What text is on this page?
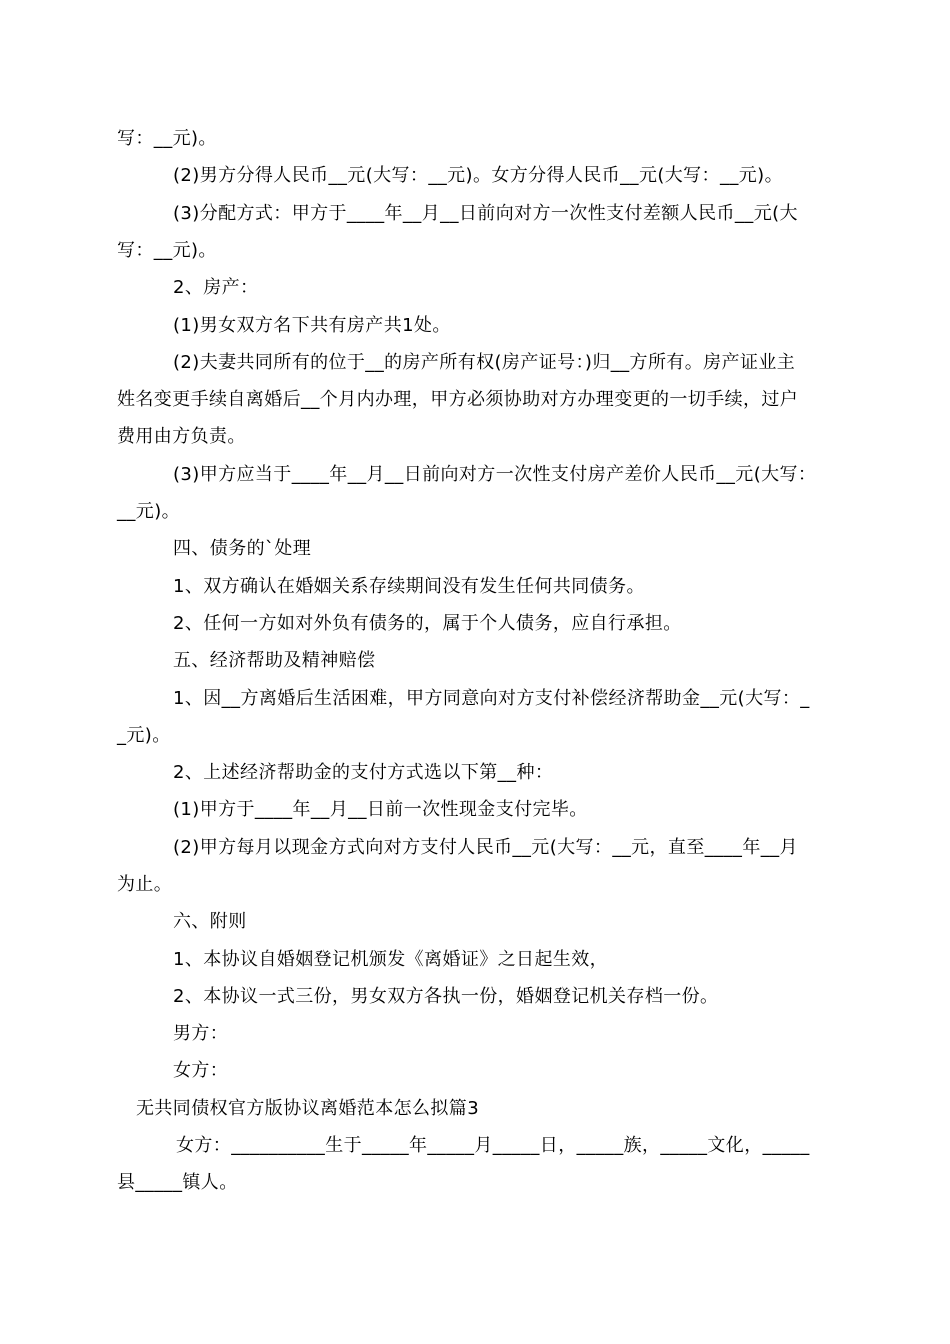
写：__元)。
(2)男方分得人民币__元(大写：__元)。女方分得人民币__元(大写：__元)。
(3)分配方式：甲方于____年__月__日前向对方一次性支付差额人民币__元(大
写：__元)。
2、房产：
(1)男女双方名下共有房产共1处。
(2)夫妻共同所有的位于__的房产所有权(房产证号：)归__方所有。房产证业主
姓名变更手续自离婚后__个月内办理，甲方必须协助对方办理变更的一切手续，过户
费用由方负责。
(3)甲方应当于____年__月__日前向对方一次性支付房产差价人民币__元(大写：
__元)。
四、债务的`处理
1、双方确认在婚姻关系存续期间没有发生任何共同债务。
2、任何一方如对外负有债务的，属于个人债务，应自行承担。
五、经济帮助及精神赔偿
1、因__方离婚后生活困难，甲方同意向对方支付补偿经济帮助金__元(大写：_
_元)。
2、上述经济帮助金的支付方式选以下第__种：
(1)甲方于____年__月__日前一次性现金支付完毕。
(2)甲方每月以现金方式向对方支付人民币__元(大写：__元，直至____年__月
为止。
六、附则
1、本协议自婚姻登记机颁发《离婚证》之日起生效，
2、本协议一式三份，男女双方各执一份，婚姻登记机关存档一份。
男方：
女方：
无共同债权官方版协议离婚范本怎么拟篇3
女方：__________生于_____年_____月_____日，_____族，_____文化，_____
县_____镇人。
